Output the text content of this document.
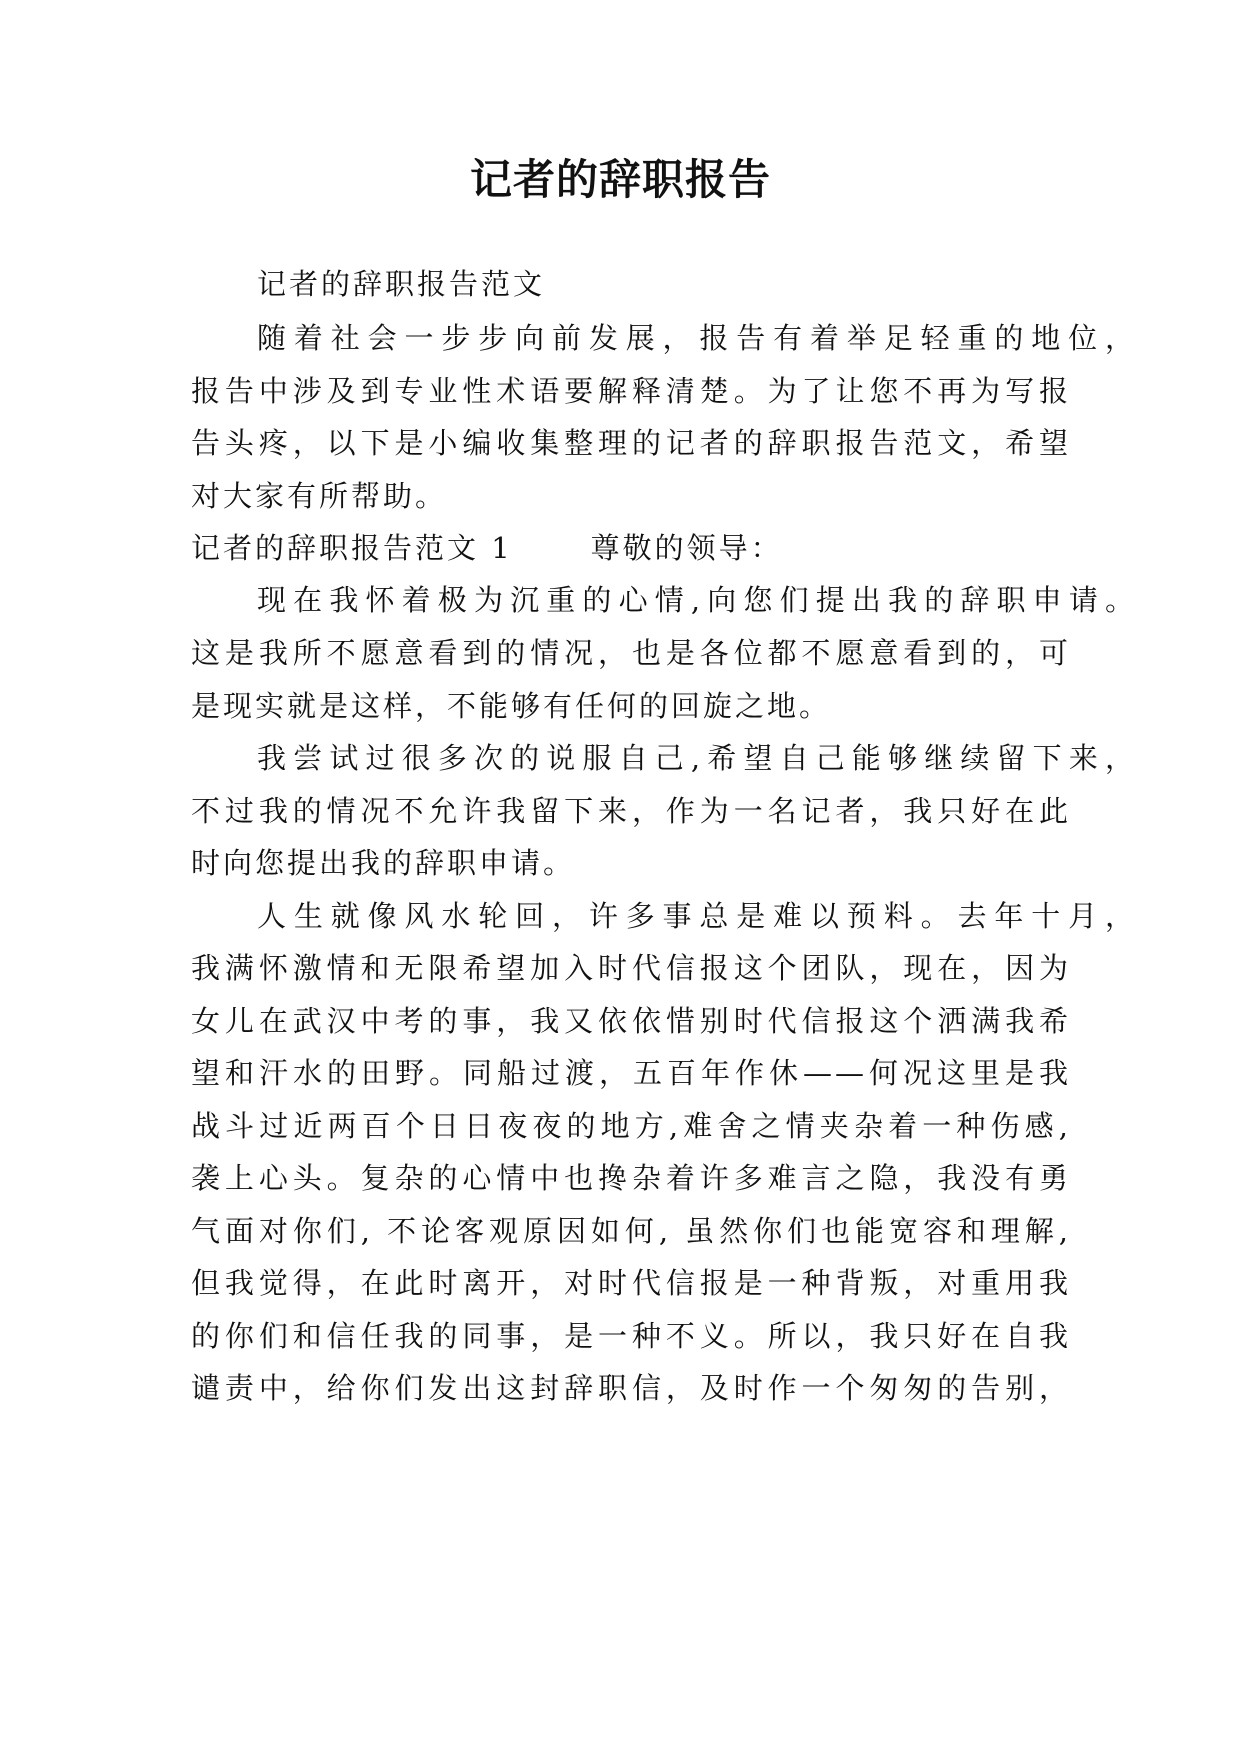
记者的辞职报告

记者的辞职报告范文

随着社会一步步向前发展，报告有着举足轻重的地位，

报告中涉及到专业性术语要解释清楚。为了让您不再为写报

告头疼，以下是小编收集整理的记者的辞职报告范文，希望

对大家有所帮助。

记者的辞职报告范文 1	尊敬的领导：

现在我怀着极为沉重的心情,向您们提出我的辞职申请。

这是我所不愿意看到的情况，也是各位都不愿意看到的，可

是现实就是这样，不能够有任何的回旋之地。

我尝试过很多次的说服自己,希望自己能够继续留下来，

不过我的情况不允许我留下来，作为一名记者，我只好在此

时向您提出我的辞职申请。

人生就像风水轮回，许多事总是难以预料。去年十月，

我满怀激情和无限希望加入时代信报这个团队，现在，因为

女儿在武汉中考的事，我又依依惜别时代信报这个洒满我希

望和汗水的田野。同船过渡，五百年作休——何况这里是我

战斗过近两百个日日夜夜的地方,难舍之情夹杂着一种伤感,

袭上心头。复杂的心情中也搀杂着许多难言之隐，我没有勇

气面对你们, 不论客观原因如何, 虽然你们也能宽容和理解,

但我觉得，在此时离开，对时代信报是一种背叛，对重用我

的你们和信任我的同事，是一种不义。所以，我只好在自我

谴责中，给你们发出这封辞职信，及时作一个匆匆的告别，
